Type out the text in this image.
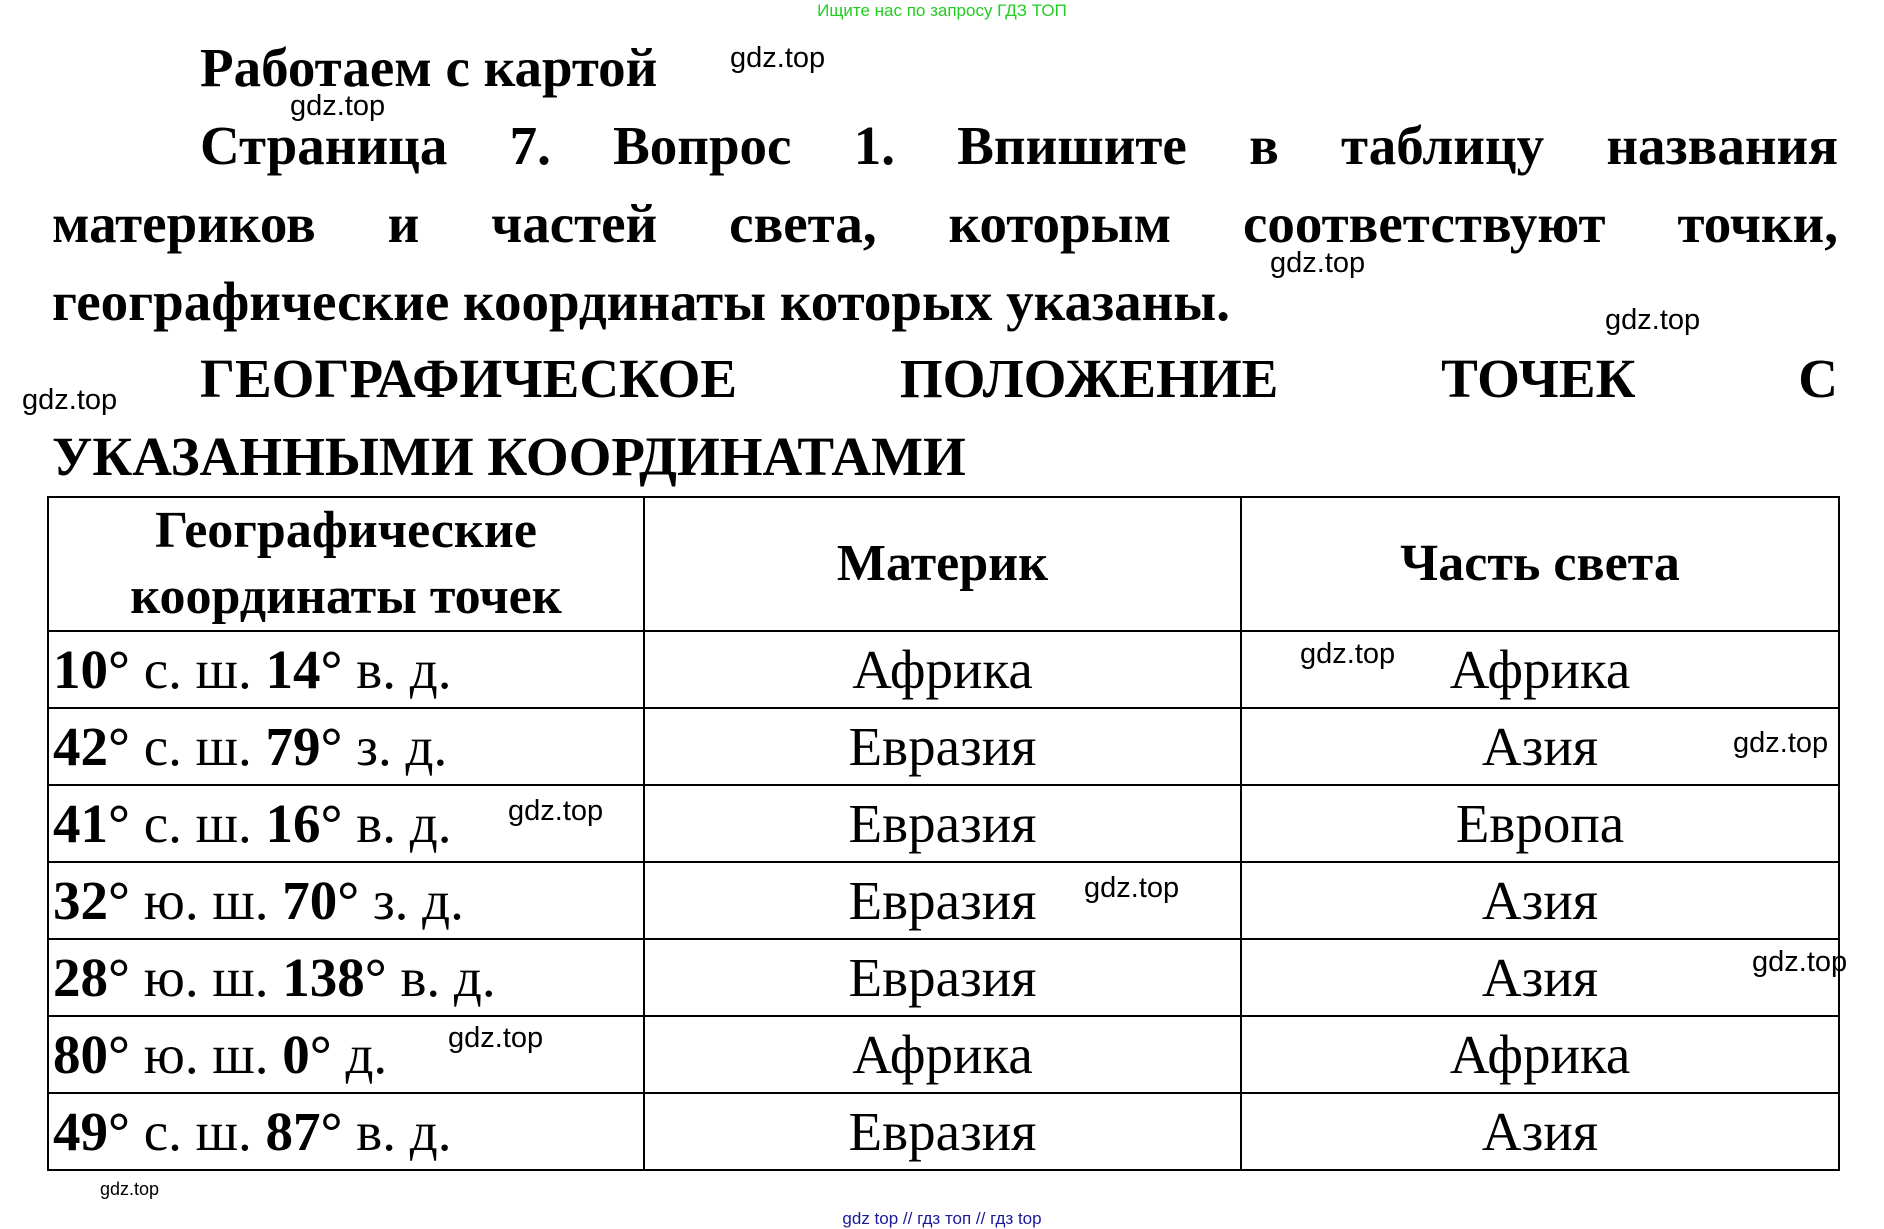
Ищите нас по запросу ГДЗ ТОП
Работаем с картой
Страница 7. Вопрос 1. Впишите в таблицу названия
материков и частей света, которым соответствуют точки,
географические координаты которых указаны.
ГЕОГРАФИЧЕСКОЕ	ПОЛОЖЕНИЕ	ТОЧЕК	С
УКАЗАННЫМИ КООРДИНАТАМИ
Географические координаты точек	Материк	Часть света
10° с. ш. 14° в. д.	Африка	Африка
42° с. ш. 79° з. д.	Евразия	Азия
41° с. ш. 16° в. д.	Евразия	Европа
32° ю. ш. 70° з. д.	Евразия	Азия
28° ю. ш. 138° в. д.	Евразия	Азия
80° ю. ш. 0° д.	Африка	Африка
49° с. ш. 87° в. д.	Евразия	Азия
gdz.top
gdz.top
gdz.top
gdz.top
gdz.top
gdz.top
gdz.top
gdz.top
gdz.top
gdz.top
gdz.top
gdz.top
gdz top // гдз топ // гдз top
